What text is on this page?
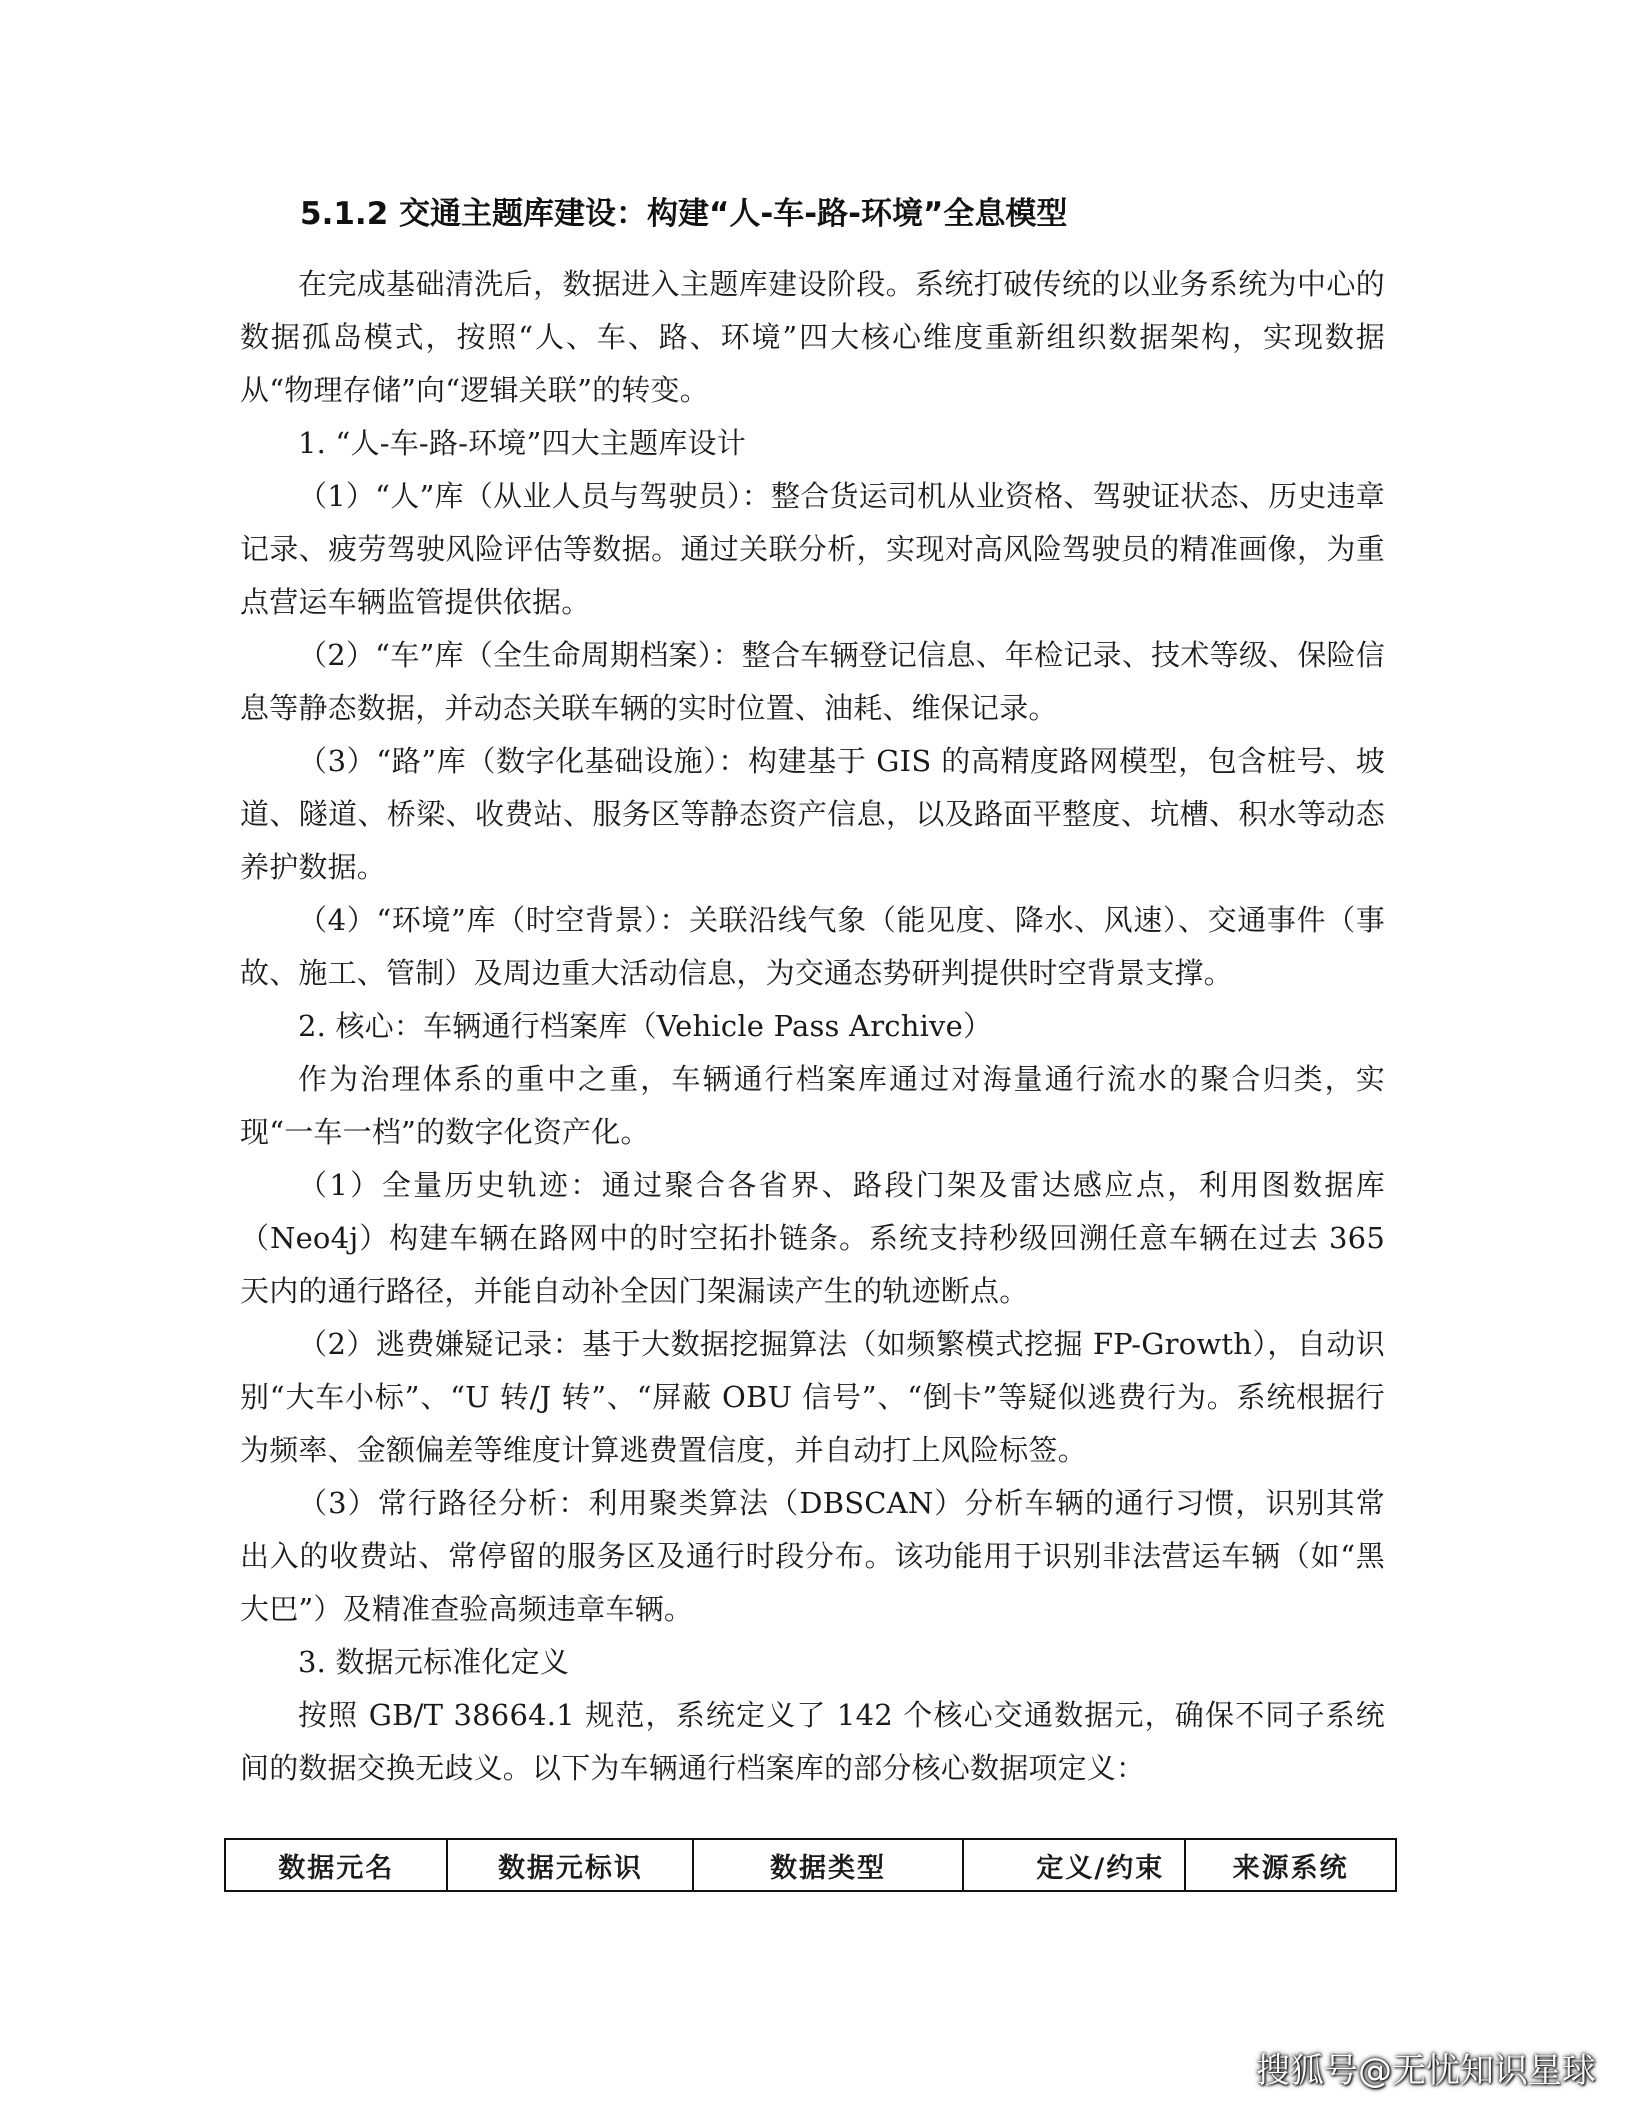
5.1.2 交通主题库建设：构建“人-车-路-环境”全息模型

在完成基础清洗后，数据进入主题库建设阶段。系统打破传统的以业务系统为中心的数据孤岛模式，按照“人、车、路、环境”四大核心维度重新组织数据架构，实现数据从“物理存储”向“逻辑关联”的转变。

1. “人-车-路-环境”四大主题库设计

（1）“人”库（从业人员与驾驶员）：整合货运司机从业资格、驾驶证状态、历史违章记录、疲劳驾驶风险评估等数据。通过关联分析，实现对高风险驾驶员的精准画像，为重点营运车辆监管提供依据。

（2）“车”库（全生命周期档案）：整合车辆登记信息、年检记录、技术等级、保险信息等静态数据，并动态关联车辆的实时位置、油耗、维保记录。

（3）“路”库（数字化基础设施）：构建基于 GIS 的高精度路网模型，包含桩号、坡道、隧道、桥梁、收费站、服务区等静态资产信息，以及路面平整度、坑槽、积水等动态养护数据。

（4）“环境”库（时空背景）：关联沿线气象（能见度、降水、风速）、交通事件（事故、施工、管制）及周边重大活动信息，为交通态势研判提供时空背景支撑。

2. 核心：车辆通行档案库（Vehicle Pass Archive）

作为治理体系的重中之重，车辆通行档案库通过对海量通行流水的聚合归类，实现“一车一档”的数字化资产化。

（1）全量历史轨迹：通过聚合各省界、路段门架及雷达感应点，利用图数据库（Neo4j）构建车辆在路网中的时空拓扑链条。系统支持秒级回溯任意车辆在过去 365 天内的通行路径，并能自动补全因门架漏读产生的轨迹断点。

（2）逃费嫌疑记录：基于大数据挖掘算法（如频繁模式挖掘 FP-Growth），自动识别“大车小标”、“U 转/J 转”、“屏蔽 OBU 信号”、“倒卡”等疑似逃费行为。系统根据行为频率、金额偏差等维度计算逃费置信度，并自动打上风险标签。

（3）常行路径分析：利用聚类算法（DBSCAN）分析车辆的通行习惯，识别其常出入的收费站、常停留的服务区及通行时段分布。该功能用于识别非法营运车辆（如“黑大巴”）及精准查验高频违章车辆。

3. 数据元标准化定义

按照 GB/T 38664.1 规范，系统定义了 142 个核心交通数据元，确保不同子系统间的数据交换无歧义。以下为车辆通行档案库的部分核心数据项定义：

数据元名	数据元标识	数据类型	定义/约束	来源系统
搜狐号@无忧知识星球
